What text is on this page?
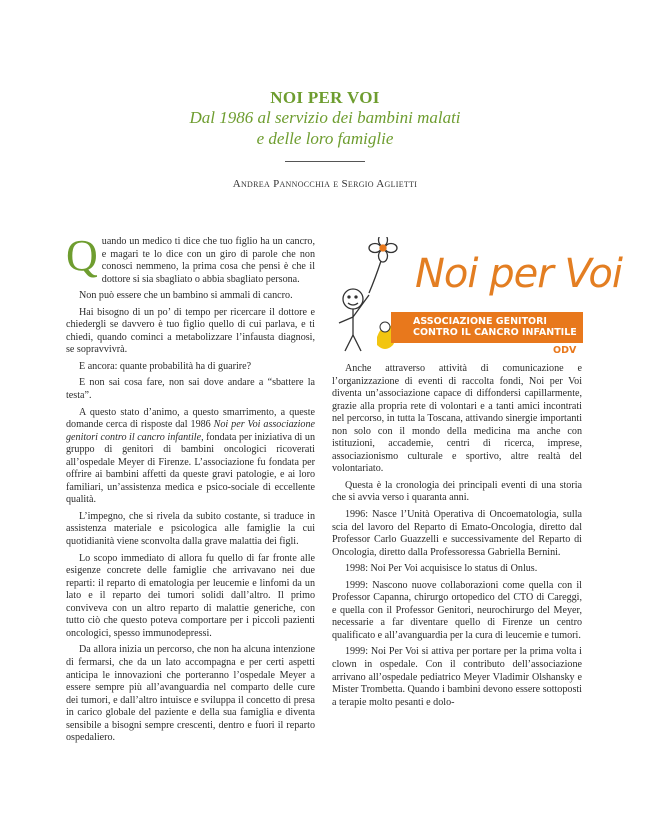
NOI PER VOI
Dal 1986 al servizio dei bambini malati
e delle loro famiglie
Andrea Pannocchia e Sergio Aglietti

Quando un medico ti dice che tuo figlio ha un cancro, e magari te lo dice con un giro di parole che non conosci nemmeno, la prima cosa che pensi è che il dottore si sia sbagliato o abbia sbagliato persona.

Non può essere che un bambino si ammali di cancro.

Hai bisogno di un po’ di tempo per ricercare il dottore e chiedergli se davvero è tuo figlio quello di cui parlava, e ti chiedi, quando cominci a metabolizzare l’infausta diagnosi, se sopravvivrà.

E ancora: quante probabilità ha di guarire?

E non sai cosa fare, non sai dove andare a “sbattere la testa”.

A questo stato d’animo, a questo smarrimento, a queste domande cerca di risposte dal 1986 Noi per Voi associazione genitori contro il cancro infantile, fondata per iniziativa di un gruppo di genitori di bambini oncologici ricoverati all’ospedale Meyer di Firenze. L’associazione fu fondata per offrire ai bambini affetti da queste gravi patologie, e ai loro familiari, un’assistenza medica e psico-sociale di eccellente qualità.

L’impegno, che si rivela da subito costante, si traduce in assistenza materiale e psicologica alle famiglie la cui quotidianità viene sconvolta dalla grave malattia dei figli.

Lo scopo immediato di allora fu quello di far fronte alle esigenze concrete delle famiglie che arrivavano nei due reparti: il reparto di ematologia per leucemie e linfomi da un lato e il reparto dei tumori solidi dall’altro. Il primo conviveva con un altro reparto di malattie generiche, con tutto ciò che questo poteva comportare per i piccoli pazienti oncologici, spesso immunodepressi.

Da allora inizia un percorso, che non ha alcuna intenzione di fermarsi, che da un lato accompagna e per certi aspetti anticipa le innovazioni che porteranno l’ospedale Meyer a essere sempre più all’avanguardia nel comparto delle cure dei tumori, e dall’altro intuisce e sviluppa il concetto di presa in carico globale del paziente e della sua famiglia e diventa sensibile a bisogni sempre crescenti, dentro e fuori il reparto ospedaliero.

Noi per Voi
ASSOCIAZIONE GENITORI
CONTRO IL CANCRO INFANTILE
ODV

Anche attraverso attività di comunicazione e l’organizzazione di eventi di raccolta fondi, Noi per Voi diventa un’associazione capace di diffondersi capillarmente, grazie alla propria rete di volontari e a tanti amici incontrati nel percorso, in tutta la Toscana, attivando sinergie importanti non solo con il mondo della medicina ma anche con istituzioni, accademie, centri di ricerca, imprese, associazionismo culturale e sportivo, altre realtà del volontariato.

Questa è la cronologia dei principali eventi di una storia che si avvia verso i quaranta anni.

1996: Nasce l’Unità Operativa di Oncoematologia, sulla scia del lavoro del Reparto di Emato-Oncologia, diretto dal Professor Carlo Guazzelli e successivamente del Reparto di Oncologia, diretto dalla Professoressa Gabriella Bernini.

1998: Noi Per Voi acquisisce lo status di Onlus.

1999: Nascono nuove collaborazioni come quella con il Professor Capanna, chirurgo ortopedico del CTO di Careggi, e quella con il Professor Genitori, neurochirurgo del Meyer, necessarie a far diventare quello di Firenze un centro qualificato e all’avanguardia per la cura di leucemie e tumori.

1999: Noi Per Voi si attiva per portare per la prima volta i clown in ospedale. Con il contributo dell’associazione arrivano all’ospedale pediatrico Meyer Vladimir Olshansky e Mister Trombetta. Quando i bambini devono essere sottoposti a terapie molto pesanti e dolo-
